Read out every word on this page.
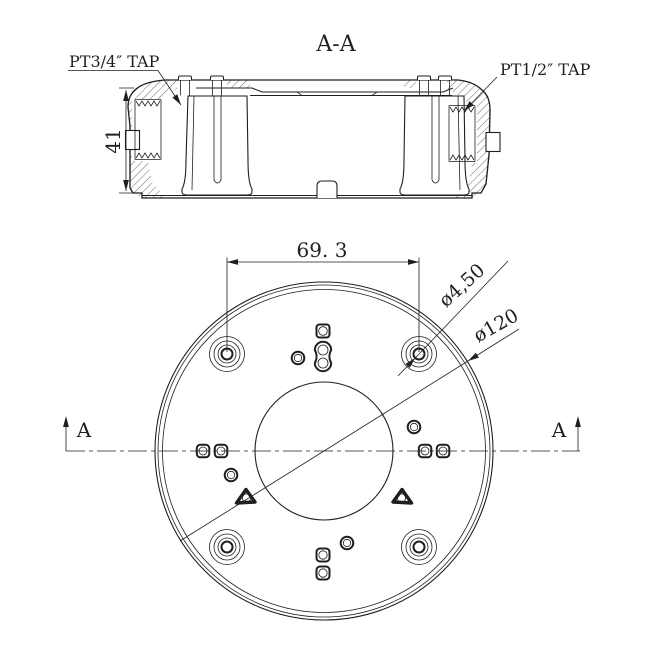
A-A
41
PT3/4″ TAP	PT1/2″ TAP
A	A
69. 3
ø4,50
ø120
